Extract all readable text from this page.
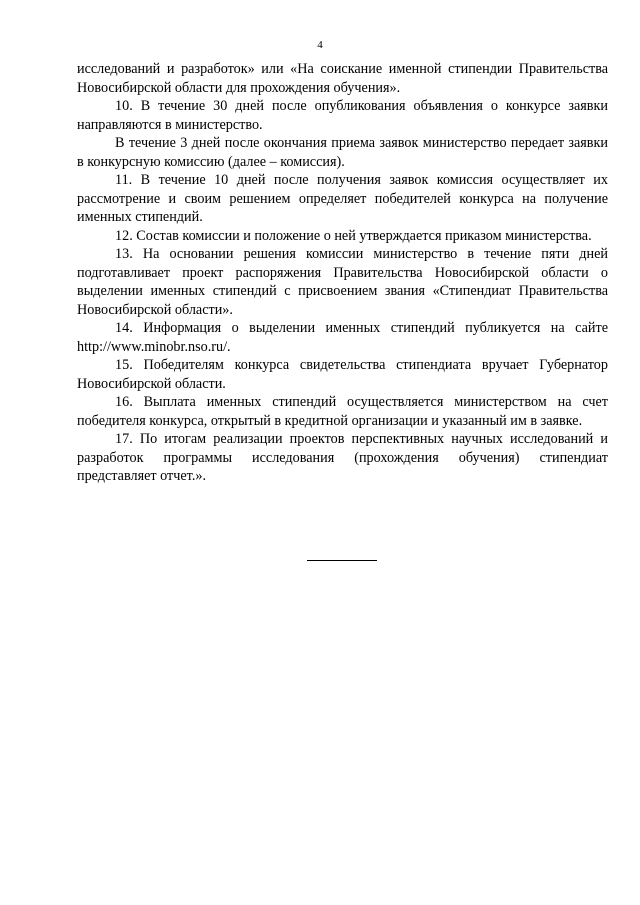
4

исследований и разработок» или «На соискание именной стипендии Правительства Новосибирской области для прохождения обучения».

10. В течение 30 дней после опубликования объявления о конкурсе заявки направляются в министерство.

В течение 3 дней после окончания приема заявок министерство передает заявки в конкурсную комиссию (далее – комиссия).

11. В течение 10 дней после получения заявок комиссия осуществляет их рассмотрение и своим решением определяет победителей конкурса на получение именных стипендий.

12. Состав комиссии и положение о ней утверждается приказом министерства.

13. На основании решения комиссии министерство в течение пяти дней подготавливает проект распоряжения Правительства Новосибирской области о выделении именных стипендий с присвоением звания «Стипендиат Правительства Новосибирской области».

14. Информация о выделении именных стипендий публикуется на сайте http://www.minobr.nso.ru/.

15. Победителям конкурса свидетельства стипендиата вручает Губернатор Новосибирской области.

16. Выплата именных стипендий осуществляется министерством на счет победителя конкурса, открытый в кредитной организации и указанный им в заявке.

17. По итогам реализации проектов перспективных научных исследований и разработок программы исследования (прохождения обучения) стипендиат представляет отчет.».
